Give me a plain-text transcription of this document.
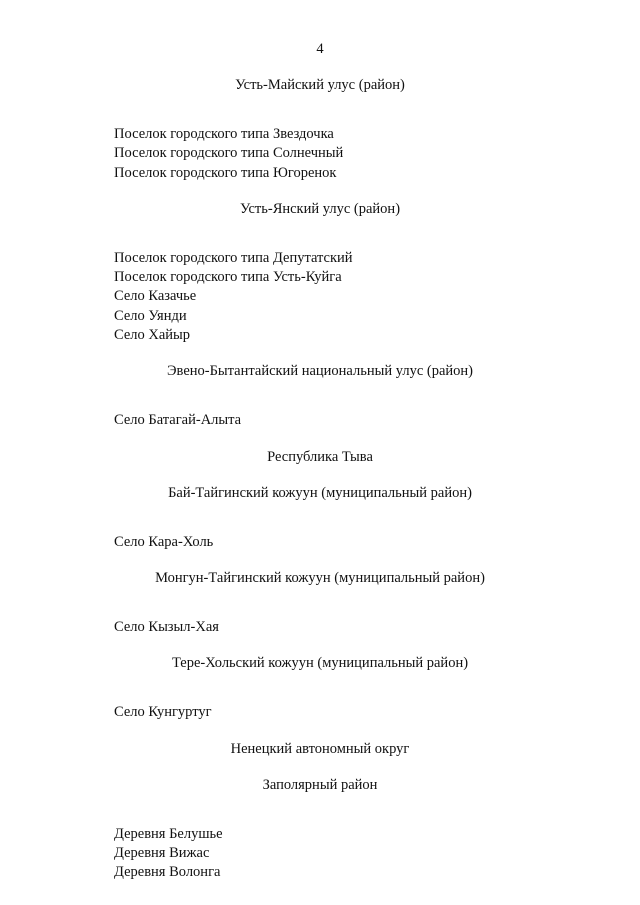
4
Усть-Майский улус (район)
Поселок городского типа Звездочка
Поселок городского типа Солнечный
Поселок городского типа Югоренок
Усть-Янский улус (район)
Поселок городского типа Депутатский
Поселок городского типа Усть-Куйга
Село Казачье
Село Уянди
Село Хайыр
Эвено-Бытантайский национальный улус (район)
Село Батагай-Алыта
Республика Тыва
Бай-Тайгинский кожуун (муниципальный район)
Село Кара-Холь
Монгун-Тайгинский кожуун (муниципальный район)
Село Кызыл-Хая
Тере-Хольский кожуун (муниципальный район)
Село Кунгуртуг
Ненецкий автономный округ
Заполярный район
Деревня Белушье
Деревня Вижас
Деревня Волонга
